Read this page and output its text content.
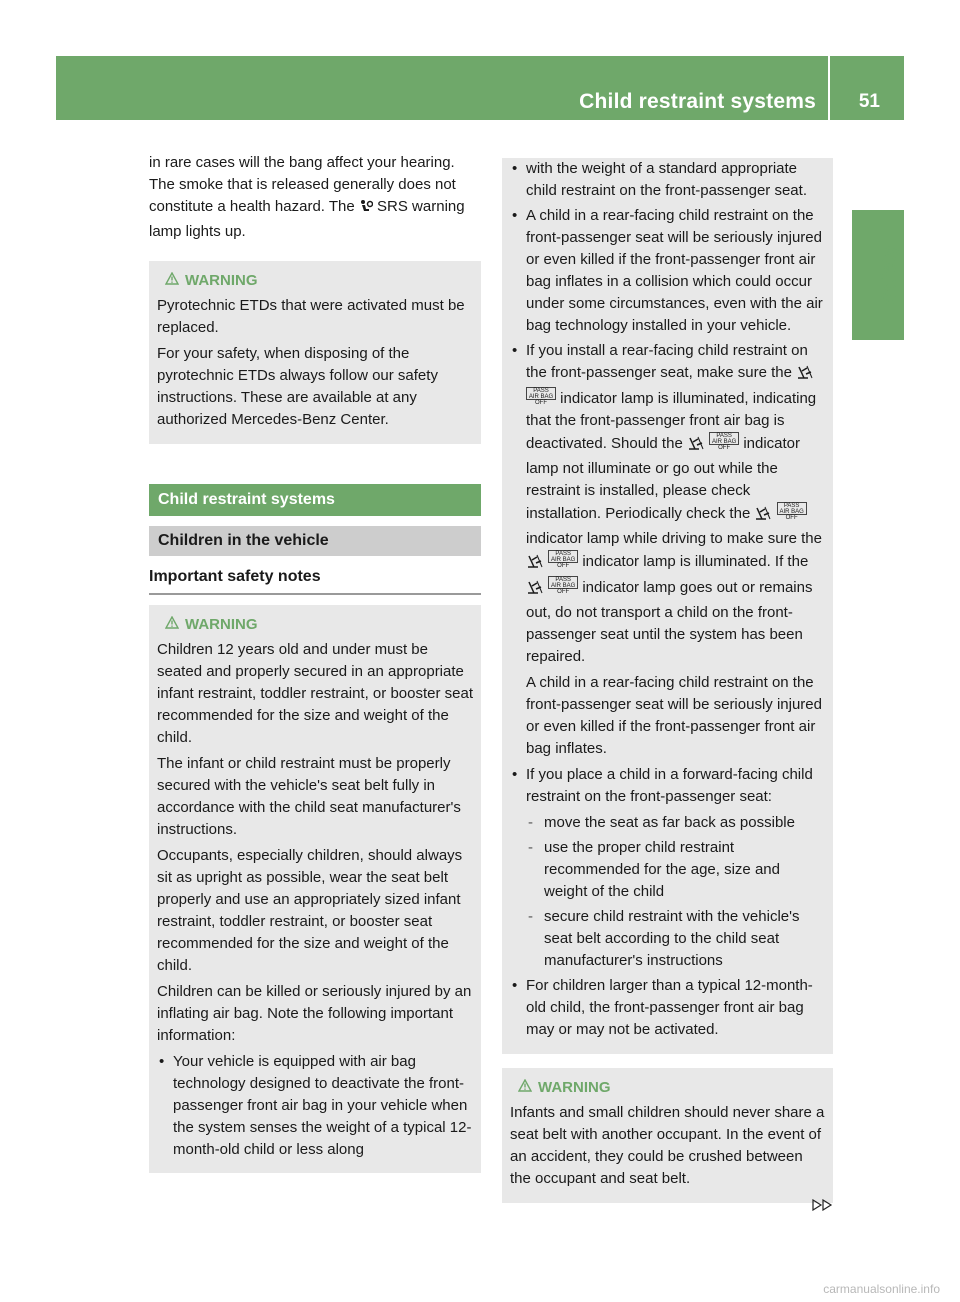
Child restraint systems 51
Safety

in rare cases will the bang affect your hearing. The smoke that is released generally does not constitute a health hazard. The SRS warning lamp lights up.

WARNING

Pyrotechnic ETDs that were activated must be replaced.

For your safety, when disposing of the pyrotechnic ETDs always follow our safety instructions. These are available at any authorized Mercedes-Benz Center.

Child restraint systems
Children in the vehicle
Important safety notes
WARNING

Children 12 years old and under must be seated and properly secured in an appropriate infant restraint, toddler restraint, or booster seat recommended for the size and weight of the child.

The infant or child restraint must be properly secured with the vehicle's seat belt fully in accordance with the child seat manufacturer's instructions.

Occupants, especially children, should always sit as upright as possible, wear the seat belt properly and use an appropriately sized infant restraint, toddler restraint, or booster seat recommended for the size and weight of the child.

Children can be killed or seriously injured by an inflating air bag. Note the following important information:

• Your vehicle is equipped with air bag technology designed to deactivate the front-passenger front air bag in your vehicle when the system senses the weight of a typical 12-month-old child or less along
• with the weight of a standard appropriate child restraint on the front-passenger seat.
• A child in a rear-facing child restraint on the front-passenger seat will be seriously injured or even killed if the front-passenger front air bag inflates in a collision which could occur under some circumstances, even with the air bag technology installed in your vehicle.
• If you install a rear-facing child restraint on the front-passenger seat, make sure the  PASS
AIR BAG OFF indicator lamp is illuminated, indicating that the front-passenger front air bag is deactivated. Should the	PASS
AIR BAG OFF indicator lamp not illuminate or go out while the restraint is installed, please check installation. Periodically check the	PASS
AIR BAG OFF indicator lamp while driving to make sure the  PASS
AIR BAG OFF indicator lamp is illuminated. If the  PASS
AIR BAG OFF indicator lamp goes out or remains out, do not transport a child on the front-passenger seat until the system has been repaired.

A child in a rear-facing child restraint on the front-passenger seat will be seriously injured or even killed if the front-passenger front air bag inflates.

• If you place a child in a forward-facing child restraint on the front-passenger seat:
- move the seat as far back as possible
- use the proper child restraint recommended for the age, size and weight of the child
- secure child restraint with the vehicle's seat belt according to the child seat manufacturer's instructions
• For children larger than a typical 12-month-old child, the front-passenger front air bag may or may not be activated.
WARNING

Infants and small children should never share a seat belt with another occupant. In the event of an accident, they could be crushed between the occupant and seat belt.

carmanualsonline.info
